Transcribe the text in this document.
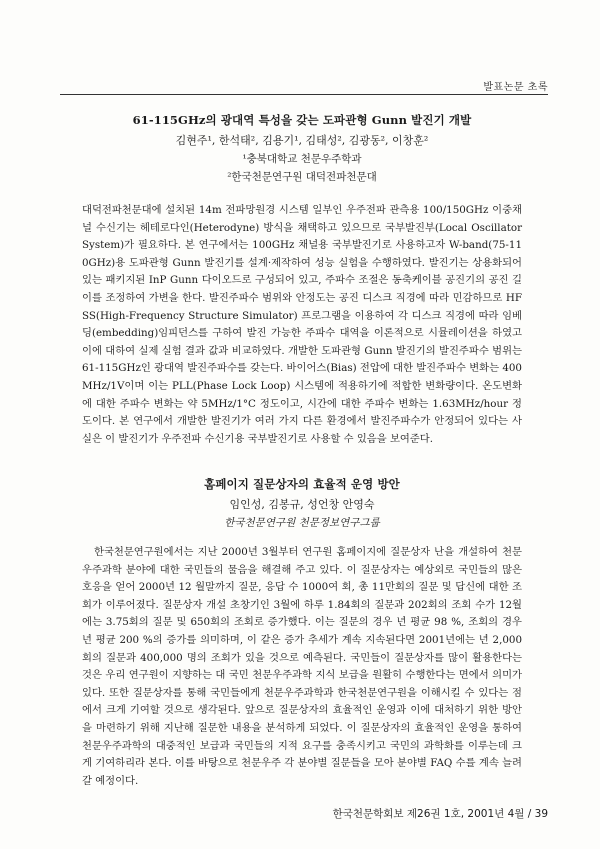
발표논문 초록

61-115GHz의 광대역 특성을 갖는 도파관형 Gunn 발진기 개발

김현주¹, 한석태², 김용기¹, 김태성², 김광동², 이창훈²
¹충북대학교 천문우주학과
²한국천문연구원 대덕전파천문대

대덕전파천문대에 설치된 14m 전파망원경 시스템 일부인 우주전파 관측용 100/150GHz 이중채널 수신기는 헤테로다인(Heterodyne) 방식을 채택하고 있으므로 국부발진부(Local Oscillator System)가 필요하다. 본 연구에서는 100GHz 채널용 국부발진기로 사용하고자 W-band(75-110GHz)용 도파관형 Gunn 발진기를 설계·제작하여 성능 실험을 수행하였다. 발진기는 상용화되어 있는 패키지된 InP Gunn 다이오드로 구성되어 있고, 주파수 조절은 동축케이블 공진기의 공진 길이를 조정하여 가변을 한다. 발진주파수 범위와 안정도는 공진 디스크 직경에 따라 민감하므로 HFSS(High-Frequency Structure Simulator) 프로그램을 이용하여 각 디스크 직경에 따라 임베딩(embedding)임피던스를 구하여 발진 가능한 주파수 대역을 이론적으로 시뮬레이션을 하였고 이에 대하여 실제 실험 결과 값과 비교하였다. 개발한 도파관형 Gunn 발진기의 발진주파수 범위는 61-115GHz인 광대역 발진주파수를 갖는다. 바이어스(Bias) 전압에 대한 발진주파수 변화는 400MHz/1V이며 이는 PLL(Phase Lock Loop) 시스템에 적용하기에 적합한 변화량이다. 온도변화에 대한 주파수 변화는 약 5MHz/1°C 정도이고, 시간에 대한 주파수 변화는 1.63MHz/hour 정도이다. 본 연구에서 개발한 발진기가 여러 가지 다른 환경에서 발진주파수가 안정되어 있다는 사실은 이 발진기가 우주전파 수신기용 국부발진기로 사용할 수 있음을 보여준다.

홈페이지 질문상자의 효율적 운영 방안

임인성, 김봉규, 성언창 안영숙
한국천문연구원 천문정보연구그룹

한국천문연구원에서는 지난 2000년 3월부터 연구원 홈페이지에 질문상자 난을 개설하여 천문우주과학 분야에 대한 국민들의 물음을 해결해 주고 있다. 이 질문상자는 예상외로 국민들의 많은 호응을 얻어 2000년 12 월말까지 질문, 응답 수 1000여 회, 총 11만회의 질문 및 답신에 대한 조회가 이루어졌다. 질문상자 개설 초창기인 3월에 하루 1.84회의 질문과 202회의 조회 수가 12월에는 3.75회의 질문 및 650회의 조회로 증가했다. 이는 질문의 경우 년 평균 98 %, 조회의 경우 년 평균 200 %의 증가를 의미하며, 이 같은 증가 추세가 계속 지속된다면 2001년에는 년 2,000회의 질문과 400,000 명의 조회가 있을 것으로 예측된다. 국민들이 질문상자를 많이 활용한다는 것은 우리 연구원이 지향하는 대 국민 천문우주과학 지식 보급을 원활히 수행한다는 면에서 의미가 있다. 또한 질문상자를 통해 국민들에게 천문우주과학과 한국천문연구원을 이해시킬 수 있다는 점에서 크게 기여할 것으로 생각된다. 앞으로 질문상자의 효율적인 운영과 이에 대처하기 위한 방안을 마련하기 위해 지난해 질문한 내용을 분석하게 되었다. 이 질문상자의 효율적인 운영을 통하여 천문우주과학의 대중적인 보급과 국민들의 지적 요구를 충족시키고 국민의 과학화를 이루는데 크게 기여하리라 본다. 이를 바탕으로 천문우주 각 분야별 질문들을 모아 분야별 FAQ 수를 계속 늘려갈 예정이다.

한국천문학회보 제26권 1호, 2001년 4월 / 39
